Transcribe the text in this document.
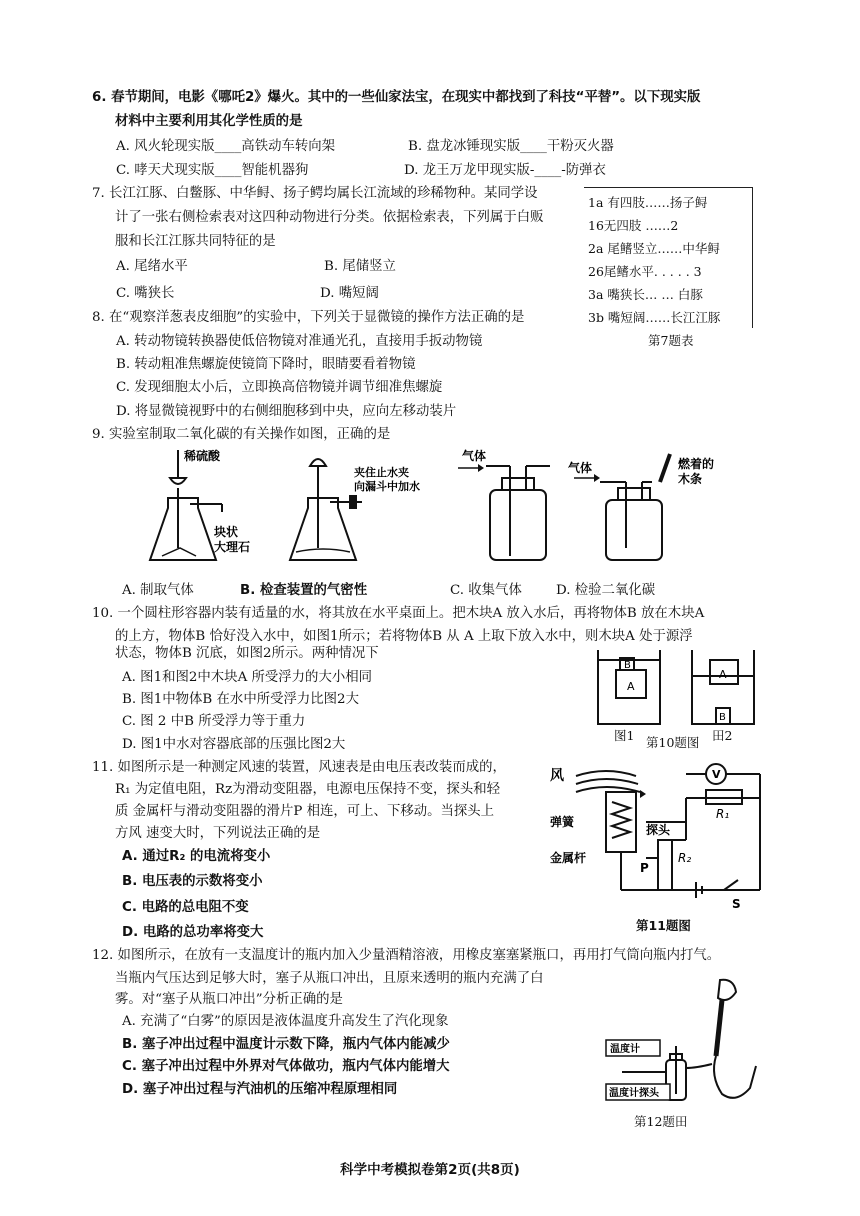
6. 春节期间，电影《哪吒2》爆火。其中的一些仙家法宝，在现实中都找到了科技“平替”。以下现实版
材料中主要利用其化学性质的是
A. 风火轮现实版____高铁动车转向架	B. 盘龙冰锤现实版____干粉灭火器
C. 哮天犬现实版____智能机器狗	D. 龙王万龙甲现实版-____-防弹衣
7. 长江江豚、白鳖豚、中华鲟、扬子鳄均属长江流域的珍稀物种。某同学设
计了一张右侧检索表对这四种动物进行分类。依据检索表，下列属于白贩
服和长江江豚共同特征的是
A. 尾绪水平	B. 尾储竖立
C. 嘴狭长	D. 嘴短阔
1a 有四肢……扬子鲟
16无四肢 ……2
2a 尾鳍竖立……中华鲟
26尾鳍水平. . . . . 3
3a 嘴狭长… … 白豚
3b 嘴短阔……长江江豚
第7题表
8. 在“观察洋葱表皮细胞”的实验中，下列关于显微镜的操作方法正确的是
A. 转动物镜转换器使低倍物镜对准通光孔，直接用手扳动物镜
B. 转动粗准焦螺旋使镜筒下降时，眼睛要看着物镜
C. 发现细胞太小后，立即换高倍物镜并调节细准焦螺旋
D. 将显微镜视野中的右侧细胞移到中央，应向左移动装片
9. 实验室制取二氧化碳的有关操作如图，正确的是
稀硫酸
块状
大理石
夹住止水夹
向漏斗中加水
气体
气体	燃着的
木条
A. 制取气体	B. 检查装置的气密性	C. 收集气体	D. 检验二氧化碳
10. 一个圆柱形容器内装有适量的水，将其放在水平桌面上。把木块A 放入水后，再将物体B 放在木块A
的上方，物体B 恰好没入水中，如图1所示；若将物体B 从 A 上取下放入水中，则木块A 处于源浮
状态，物体B 沉底，如图2所示。两种情况下
A. 图1和图2中木块A 所受浮力的大小相同
B. 图1中物体B 在水中所受浮力比图2大
C. 图 2 中B 所受浮力等于重力
D. 图1中水对容器底部的压强比图2大
B
A
A
B
图1 第10题图 田2
11. 如图所示是一种测定风速的装置，风速表是由电压表改装而成的，
R₁ 为定值电阻，Rz为滑动变阻器，电源电压保持不变，探头和轻
质 金属杆与滑动变阻器的滑片P 相连，可上、下移动。当探头上
方风 速变大时，下列说法正确的是
A. 通过R₂ 的电流将变小
B. 电压表的示数将变小
C. 电路的总电阻不变
D. 电路的总功率将变大
风
弹簧
探头
金属杆
V
R₁
R₂
P
S
第11题图
12. 如图所示，在放有一支温度计的瓶内加入少量酒精溶液，用橡皮塞塞紧瓶口，再用打气筒向瓶内打气。
当瓶内气压达到足够大时，塞子从瓶口冲出，且原来透明的瓶内充满了白
雾。对“塞子从瓶口冲出”分析正确的是
A. 充满了“白雾”的原因是液体温度升高发生了汽化现象
B. 塞子冲出过程中温度计示数下降，瓶内气体内能减少
C. 塞子冲出过程中外界对气体做功，瓶内气体内能增大
D. 塞子冲出过程与汽油机的压缩冲程原理相同
温度计
温度计探头
第12题田
科学中考模拟卷第2页(共8页)
